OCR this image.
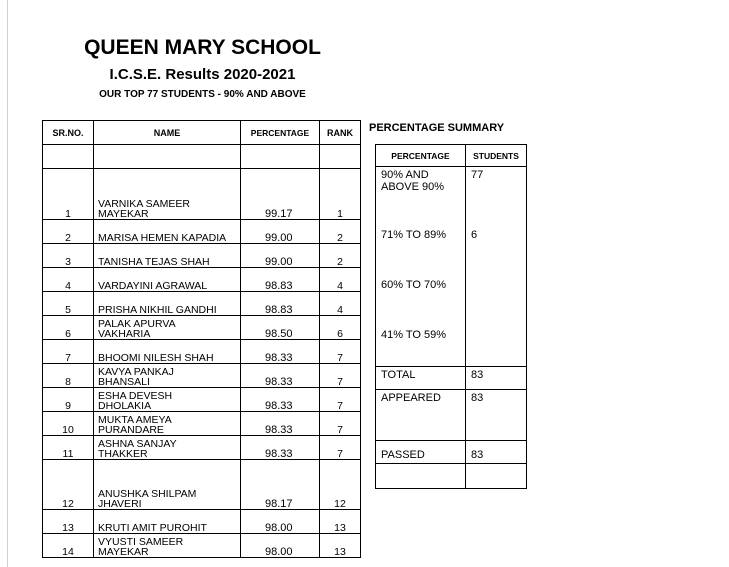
QUEEN MARY SCHOOL
I.C.S.E. Results 2020-2021
OUR TOP 77 STUDENTS - 90% AND ABOVE
SR.NO.	NAME	PERCENTAGE	RANK

1	VARNIKA SAMEER
MAYEKAR	99.17	1
2	MARISA HEMEN KAPADIA	99.00	2
3	TANISHA TEJAS SHAH	99.00	2
4	VARDAYINI AGRAWAL	98.83	4
5	PRISHA NIKHIL GANDHI	98.83	4
6	PALAK APURVA
VAKHARIA	98.50	6
7	BHOOMI NILESH SHAH	98.33	7
8	KAVYA PANKAJ
BHANSALI	98.33	7
9	ESHA DEVESH
DHOLAKIA	98.33	7
10	MUKTA AMEYA
PURANDARE	98.33	7
11	ASHNA SANJAY
THAKKER	98.33	7
12	ANUSHKA SHILPAM
JHAVERI	98.17	12
13	KRUTI AMIT PUROHIT	98.00	13
14	VYUSTI SAMEER
MAYEKAR	98.00	13
PERCENTAGE SUMMARY
PERCENTAGE	STUDENTS
90% AND
ABOVE 90%	77
71% TO 89%	6
60% TO 70%	
41% TO 59%	
TOTAL	83
APPEARED	83
PASSED	83
